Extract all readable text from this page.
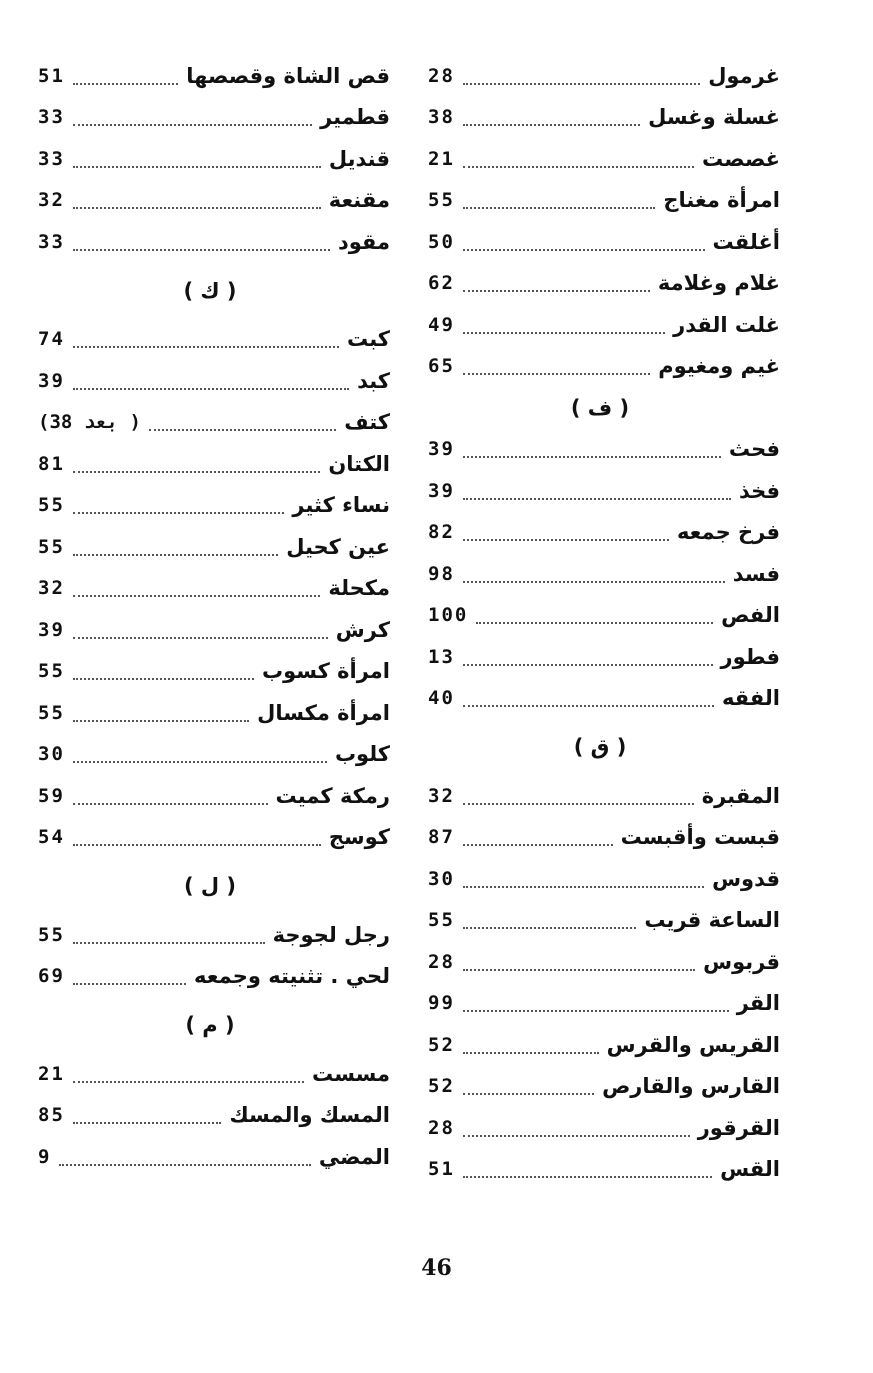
28	غرمول
38	غسلة وغسل
21	غصصت
55	امرأة مغناج
50	أغلقت
62	غلام وغلامة
49	غلت القدر
65	غيم ومغيوم
( ف )
39	فحث
39	فخذ
82	فرخ جمعه
98	فسد
100	الفص
13	فطور
40	الفقه
( ق )
32	المقبرة
87	قبست وأقبست
30	قدوس
55	الساعة قريب
28	قربوس
99	القر
52	القريس والقرس
52	القارس والقارص
28	القرقور
51	القس
51	قص الشاة وقصصها
33	قطمير
33	قنديل
32	مقنعة
33	مقود
( ك )
74	كبت
39	كبد
(بعد 38 )	كتف
81	الكتان
55	نساء كثير
55	عين كحيل
32	مكحلة
39	كرش
55	امرأة كسوب
55	امرأة مكسال
30	كلوب
59	رمكة كميت
54	كوسج
( ل )
55	رجل لجوجة
69	لحي . تثنيته وجمعه
( م )
21	مسست
85	المسك والمسك
9	المضي
46
